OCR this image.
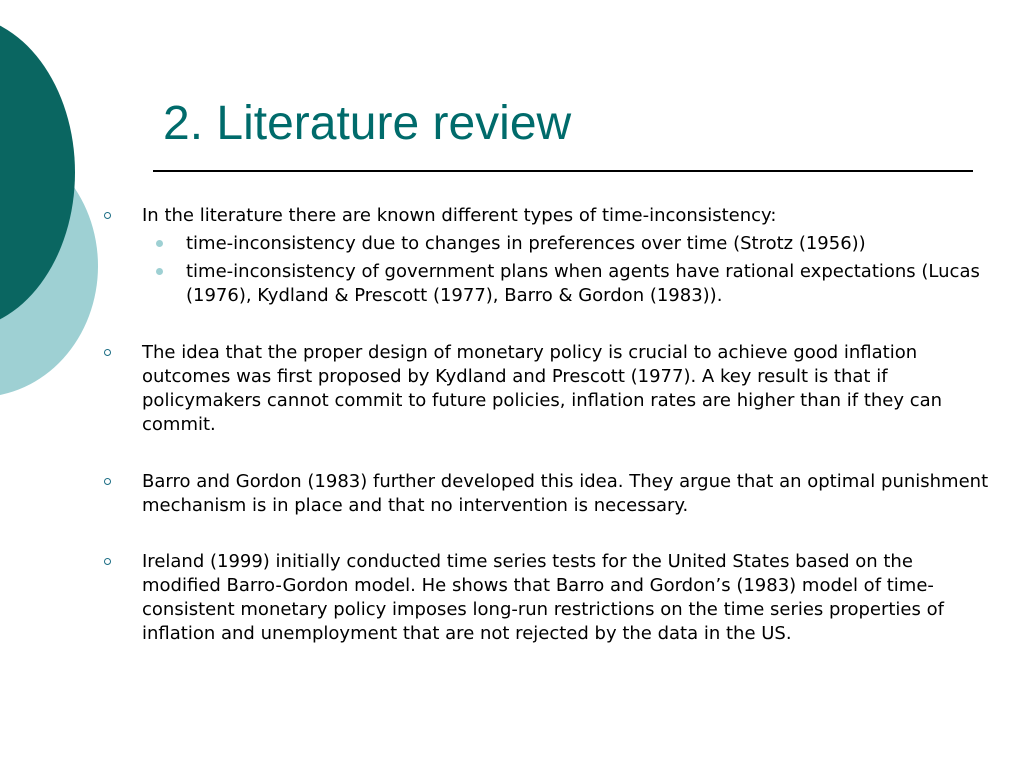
2. Literature review
In the literature there are known different types of time-inconsistency:
time-inconsistency due to changes in preferences over time (Strotz (1956))
time-inconsistency of government plans when agents have rational expectations (Lucas (1976), Kydland & Prescott (1977), Barro & Gordon (1983)).
The idea that the proper design of monetary policy is crucial to achieve good inflation outcomes was first proposed by Kydland and Prescott (1977). A key result is that if policymakers cannot commit to future policies, inflation rates are higher than if they can commit.
Barro and Gordon (1983) further developed this idea. They argue that an optimal punishment mechanism is in place and that no intervention is necessary.
Ireland (1999) initially conducted time series tests for the United States based on the modified Barro-Gordon model. He shows that Barro and Gordon’s (1983) model of time-consistent monetary policy imposes long-run restrictions on the time series properties of inflation and unemployment that are not rejected by the data in the US.
